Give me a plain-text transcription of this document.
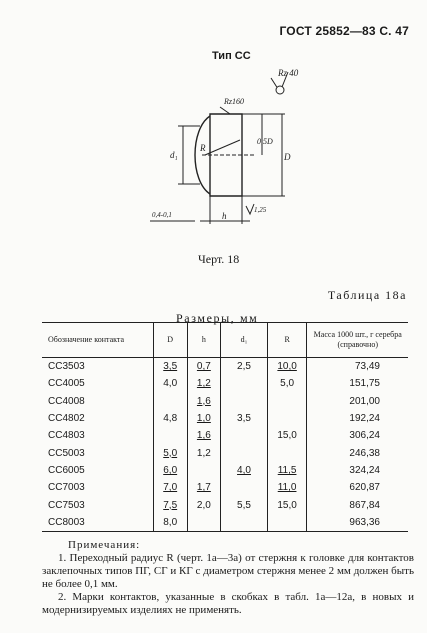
ГОСТ 25852—83 С. 47
Тип СС
Rz160
Rz 40
R
d₁
0,5D
D
h
0,4-0,1
1,25
Черт. 18
Таблица 18а
Размеры, мм
Обозначение контакта	D	h	d₁	R	Масса 1000 шт., г серебра (справочно)
СС3503	3,5	0,7	2,5	10,0	73,49
СС4005	4,0	1,2		5,0	151,75
СС4008		1,6			201,00
СС4802	4,8	1,0	3,5		192,24
СС4803		1,6		15,0	306,24
СС5003	5,0	1,2			246,38
СС6005	6,0		4,0	11,5	324,24
СС7003	7,0	1,7		11,0	620,87
СС7503	7,5	2,0	5,5	15,0	867,84
СС8003	8,0				963,36

Примечания:

1. Переходный радиус R (черт. 1а—3а) от стержня к головке для контактов заклепочных типов ПГ, СГ и КГ с диаметром стержня менее 2 мм должен быть не более 0,1 мм.

2. Марки контактов, указанные в скобках в табл. 1а—12а, в новых и модернизируемых изделиях не применять.
